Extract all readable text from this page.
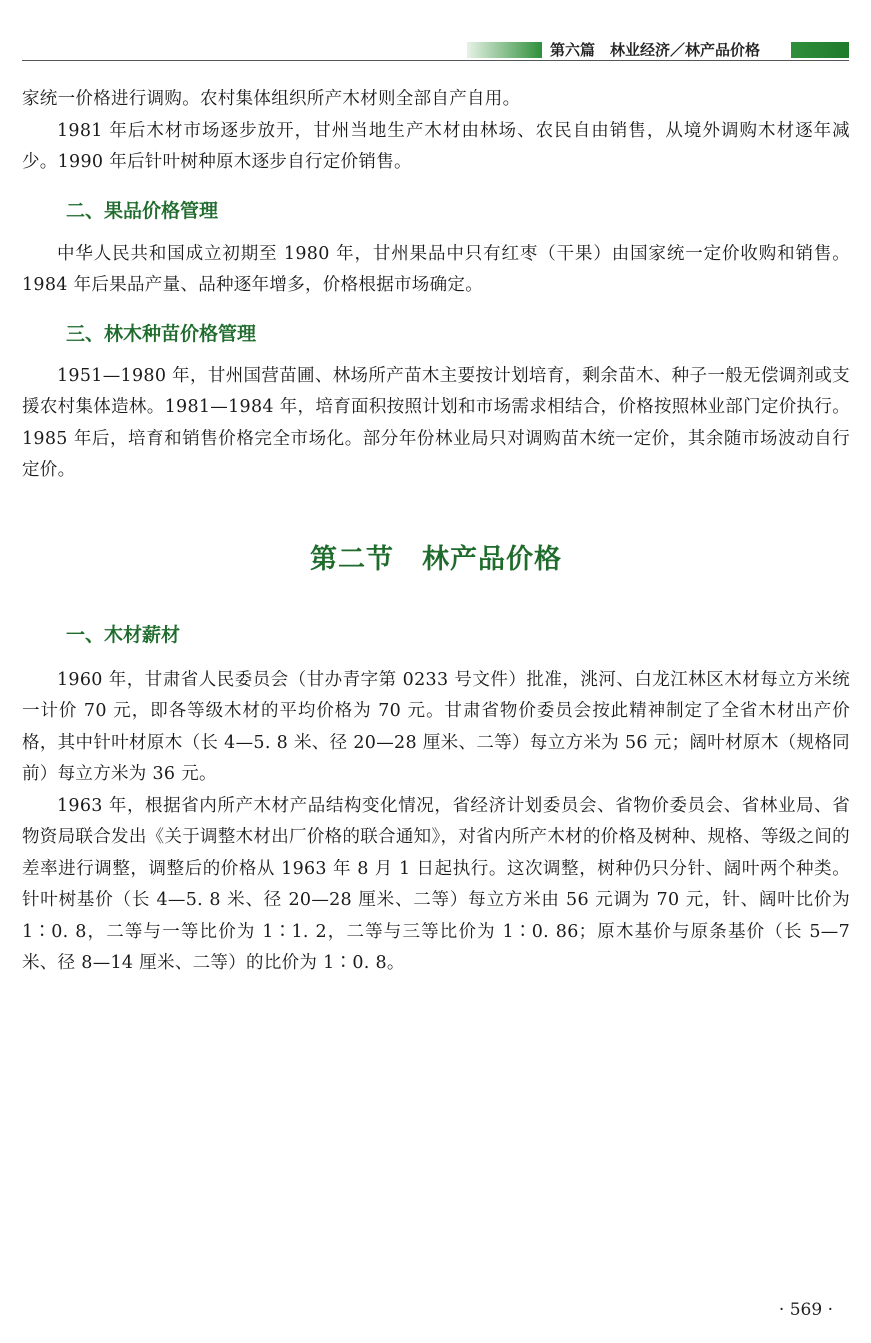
第六篇　林业经济／林产品价格

家统一价格进行调购。农村集体组织所产木材则全部自产自用。

1981 年后木材市场逐步放开，甘州当地生产木材由林场、农民自由销售，从境外调购木材逐年减少。1990 年后针叶树种原木逐步自行定价销售。

二、果品价格管理

中华人民共和国成立初期至 1980 年，甘州果品中只有红枣（干果）由国家统一定价收购和销售。1984 年后果品产量、品种逐年增多，价格根据市场确定。

三、林木种苗价格管理

1951—1980 年，甘州国营苗圃、林场所产苗木主要按计划培育，剩余苗木、种子一般无偿调剂或支援农村集体造林。1981—1984 年，培育面积按照计划和市场需求相结合，价格按照林业部门定价执行。1985 年后，培育和销售价格完全市场化。部分年份林业局只对调购苗木统一定价，其余随市场波动自行定价。

第二节　林产品价格
一、木材薪材

1960 年，甘肃省人民委员会（甘办青字第 0233 号文件）批准，洮河、白龙江林区木材每立方米统一计价 70 元，即各等级木材的平均价格为 70 元。甘肃省物价委员会按此精神制定了全省木材出产价格，其中针叶材原木（长 4—5. 8 米、径 20—28 厘米、二等）每立方米为 56 元；阔叶材原木（规格同前）每立方米为 36 元。

1963 年，根据省内所产木材产品结构变化情况，省经济计划委员会、省物价委员会、省林业局、省物资局联合发出《关于调整木材出厂价格的联合通知》，对省内所产木材的价格及树种、规格、等级之间的差率进行调整，调整后的价格从 1963 年 8 月 1 日起执行。这次调整，树种仍只分针、阔叶两个种类。针叶树基价（长 4—5. 8 米、径 20—28 厘米、二等）每立方米由 56 元调为 70 元，针、阔叶比价为 1∶0. 8，二等与一等比价为 1∶1. 2，二等与三等比价为 1∶0. 86；原木基价与原条基价（长 5—7 米、径 8—14 厘米、二等）的比价为 1∶0. 8。

· 569 ·
